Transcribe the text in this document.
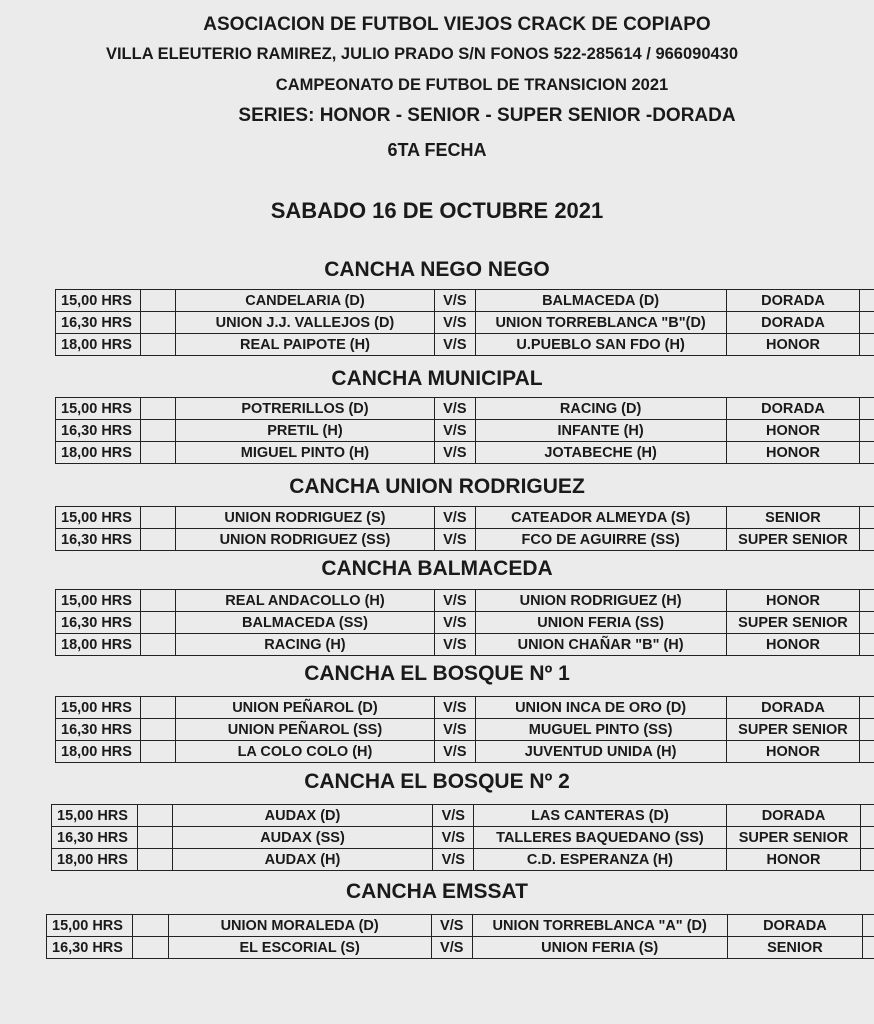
ASOCIACION DE FUTBOL VIEJOS CRACK DE COPIAPO
VILLA ELEUTERIO RAMIREZ, JULIO PRADO S/N FONOS 522-285614 / 966090430
CAMPEONATO DE FUTBOL DE TRANSICION 2021
SERIES: HONOR - SENIOR - SUPER SENIOR -DORADA
6TA FECHA
SABADO 16 DE OCTUBRE 2021
CANCHA NEGO NEGO
15,00 HRS		CANDELARIA (D)	V/S	BALMACEDA (D)	DORADA	
16,30 HRS		UNION J.J. VALLEJOS (D)	V/S	UNION TORREBLANCA "B"(D)	DORADA	
18,00 HRS		REAL PAIPOTE (H)	V/S	U.PUEBLO SAN FDO (H)	HONOR	
CANCHA MUNICIPAL
15,00 HRS		POTRERILLOS (D)	V/S	RACING (D)	DORADA	
16,30 HRS		PRETIL (H)	V/S	INFANTE (H)	HONOR	
18,00 HRS		MIGUEL PINTO (H)	V/S	JOTABECHE (H)	HONOR	
CANCHA UNION RODRIGUEZ
15,00 HRS		UNION RODRIGUEZ (S)	V/S	CATEADOR ALMEYDA (S)	SENIOR	
16,30 HRS		UNION RODRIGUEZ (SS)	V/S	FCO DE AGUIRRE (SS)	SUPER SENIOR	
CANCHA BALMACEDA
15,00 HRS		REAL ANDACOLLO (H)	V/S	UNION RODRIGUEZ (H)	HONOR	
16,30 HRS		BALMACEDA (SS)	V/S	UNION FERIA (SS)	SUPER SENIOR	
18,00 HRS		RACING (H)	V/S	UNION CHAÑAR "B" (H)	HONOR	
CANCHA EL BOSQUE Nº 1
15,00 HRS		UNION PEÑAROL (D)	V/S	UNION INCA DE ORO (D)	DORADA	
16,30 HRS		UNION PEÑAROL (SS)	V/S	MUGUEL PINTO (SS)	SUPER SENIOR	
18,00 HRS		LA COLO COLO (H)	V/S	JUVENTUD UNIDA (H)	HONOR	
CANCHA EL BOSQUE Nº 2
15,00 HRS		AUDAX (D)	V/S	LAS CANTERAS (D)	DORADA	
16,30 HRS		AUDAX (SS)	V/S	TALLERES BAQUEDANO (SS)	SUPER SENIOR	
18,00 HRS		AUDAX (H)	V/S	C.D. ESPERANZA (H)	HONOR	
CANCHA EMSSAT
15,00 HRS		UNION MORALEDA (D)	V/S	UNION TORREBLANCA "A" (D)	DORADA	
16,30 HRS		EL ESCORIAL (S)	V/S	UNION FERIA (S)	SENIOR	
